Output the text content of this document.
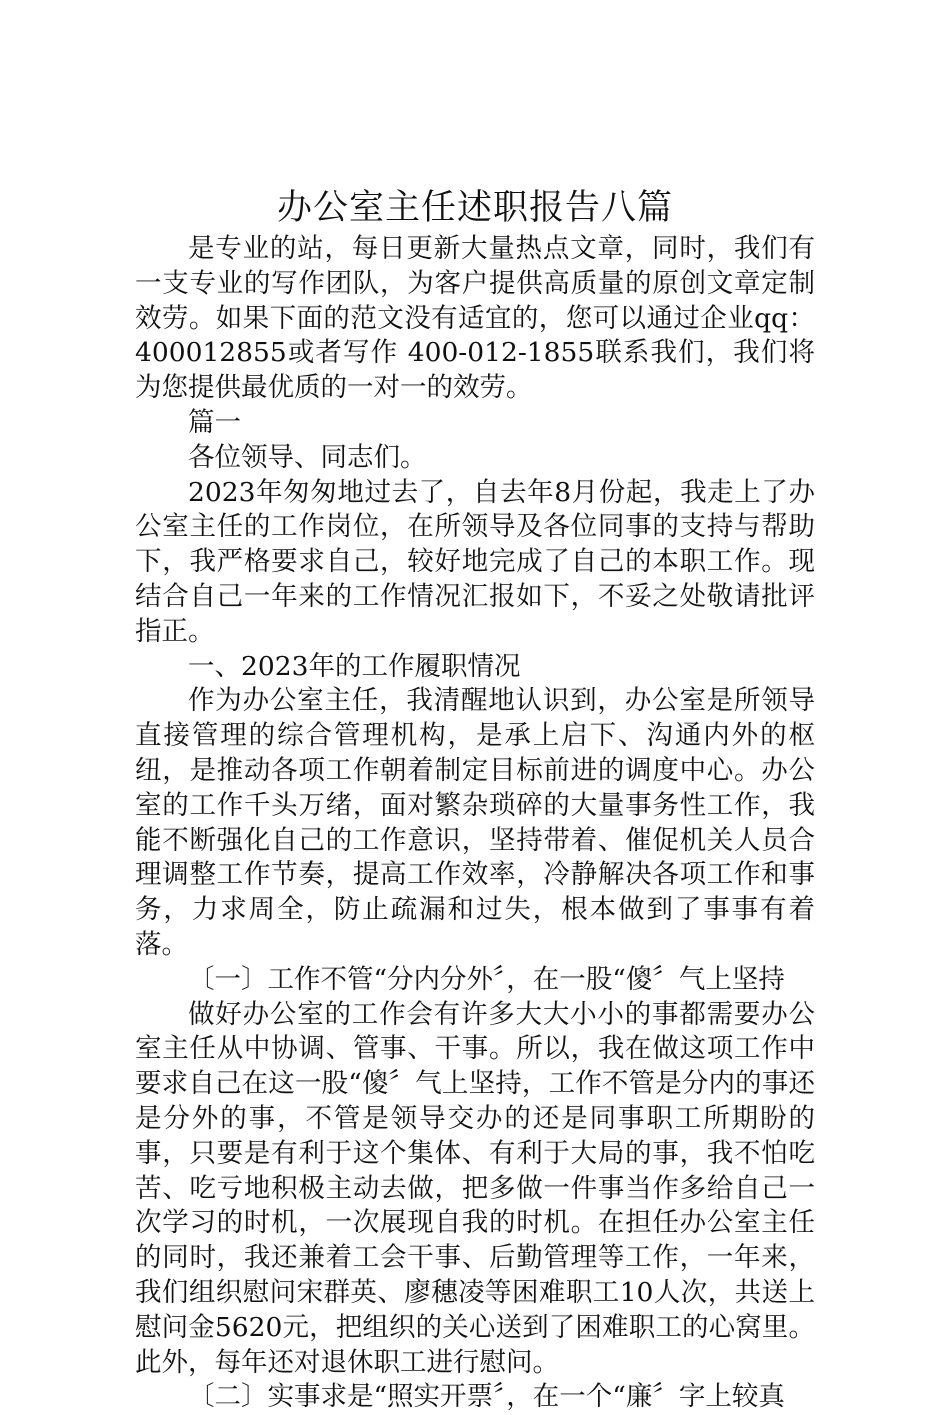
办公室主任述职报告八篇

是专业的站，每日更新大量热点文章，同时，我们有一支专业的写作团队，为客户提供高质量的原创文章定制效劳。如果下面的范文没有适宜的，您可以通过企业qq：400012855或者写作 400-012-1855联系我们，我们将为您提供最优质的一对一的效劳。

篇一

各位领导、同志们。

2023年匆匆地过去了，自去年8月份起，我走上了办公室主任的工作岗位，在所领导及各位同事的支持与帮助下，我严格要求自己，较好地完成了自己的本职工作。现结合自己一年来的工作情况汇报如下，不妥之处敬请批评指正。

一、2023年的工作履职情况

作为办公室主任，我清醒地认识到，办公室是所领导直接管理的综合管理机构，是承上启下、沟通内外的枢纽，是推动各项工作朝着制定目标前进的调度中心。办公室的工作千头万绪，面对繁杂琐碎的大量事务性工作，我能不断强化自己的工作意识，坚持带着、催促机关人员合理调整工作节奏，提高工作效率，冷静解决各项工作和事务，力求周全，防止疏漏和过失，根本做到了事事有着落。

〔一〕工作不管“分内分外〞，在一股“傻〞气上坚持

做好办公室的工作会有许多大大小小的事都需要办公室主任从中协调、管事、干事。所以，我在做这项工作中要求自己在这一股“傻〞气上坚持，工作不管是分内的事还是分外的事，不管是领导交办的还是同事职工所期盼的事，只要是有利于这个集体、有利于大局的事，我不怕吃苦、吃亏地积极主动去做，把多做一件事当作多给自己一次学习的时机，一次展现自我的时机。在担任办公室主任的同时，我还兼着工会干事、后勤管理等工作，一年来，我们组织慰问宋群英、廖穗凌等困难职工10人次，共送上慰问金5620元，把组织的关心送到了困难职工的心窝里。此外，每年还对退休职工进行慰问。

〔二〕实事求是“照实开票〞，在一个“廉〞字上较真
